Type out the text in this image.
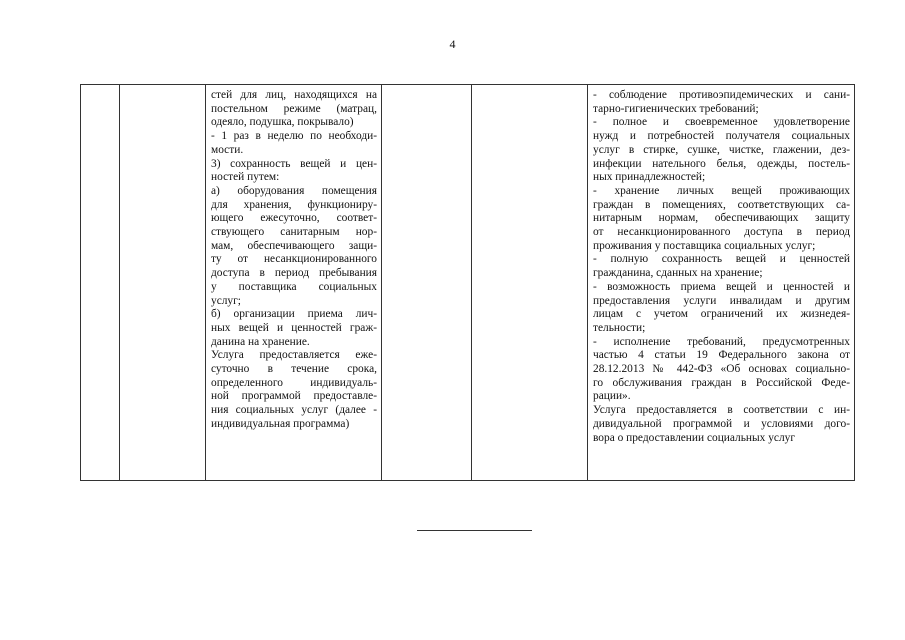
4

стей для лиц, находящихся на
постельном режиме (матрац,
одеяло, подушка, покрывало)
- 1 раз в неделю по необходи-
мости.
3) сохранность вещей и цен-
ностей путем:
а) оборудования помещения
для хранения, функциониру-
ющего ежесуточно, соответ-
ствующего санитарным нор-
мам, обеспечивающего защи-
ту от несанкционированного
доступа в период пребывания
у поставщика социальных
услуг;
б) организации приема лич-
ных вещей и ценностей граж-
данина на хранение.
Услуга предоставляется еже-
суточно в течение срока,
определенного индивидуаль-
ной программой предоставле-
ния социальных услуг (далее -
индивидуальная программа)

- соблюдение противоэпидемических и сани-
тарно-гигиенических требований;
- полное и своевременное удовлетворение
нужд и потребностей получателя социальных
услуг в стирке, сушке, чистке, глажении, дез-
инфекции нательного белья, одежды, постель-
ных принадлежностей;
- хранение личных вещей проживающих
граждан в помещениях, соответствующих са-
нитарным нормам, обеспечивающих защиту
от несанкционированного доступа в период
проживания у поставщика социальных услуг;
- полную сохранность вещей и ценностей
гражданина, сданных на хранение;
- возможность приема вещей и ценностей и
предоставления услуги инвалидам и другим
лицам с учетом ограничений их жизнедея-
тельности;
- исполнение требований, предусмотренных
частью 4 статьи 19 Федерального закона от
28.12.2013 № 442-ФЗ «Об основах социально-
го обслуживания граждан в Российской Феде-
рации».
Услуга предоставляется в соответствии с ин-
дивидуальной программой и условиями дого-
вора о предоставлении социальных услуг
